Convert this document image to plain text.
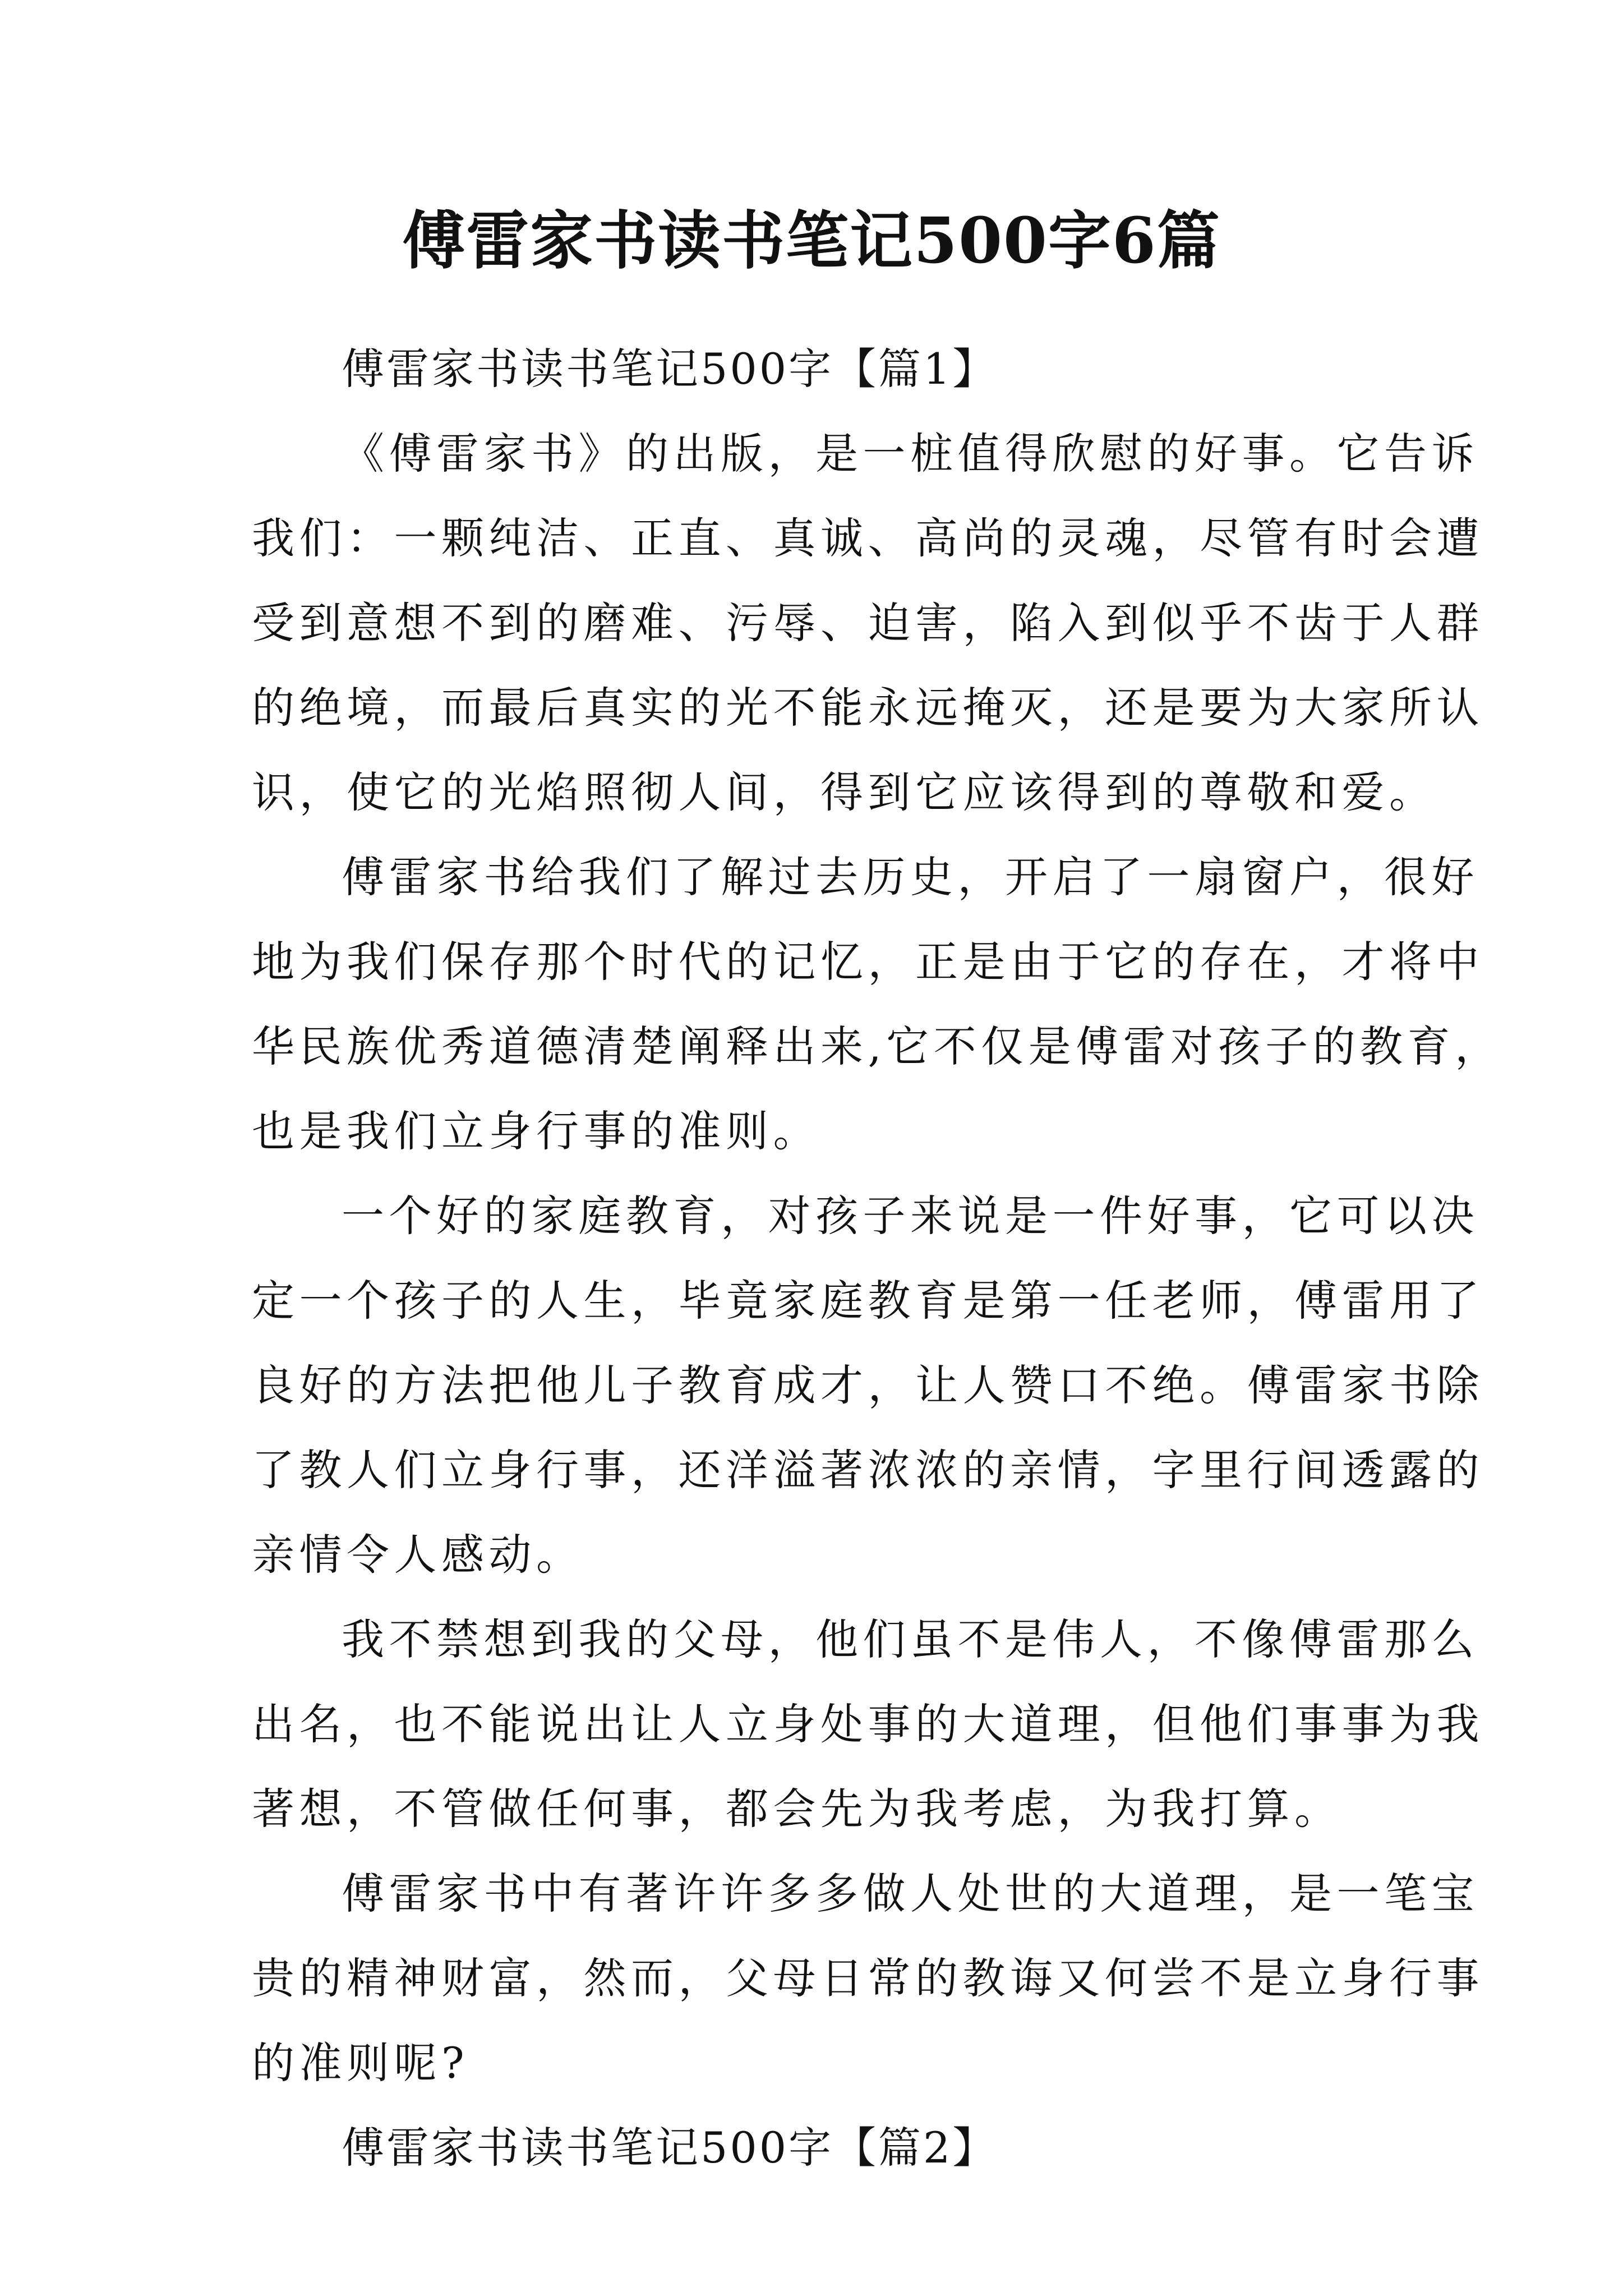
傅雷家书读书笔记500字6篇
傅雷家书读书笔记500字【篇1】
《傅雷家书》的出版，是一桩值得欣慰的好事。它告诉
我们：一颗纯洁、正直、真诚、高尚的灵魂，尽管有时会遭
受到意想不到的磨难、污辱、迫害，陷入到似乎不齿于人群
的绝境，而最后真实的光不能永远掩灭，还是要为大家所认
识，使它的光焰照彻人间，得到它应该得到的尊敬和爱。
傅雷家书给我们了解过去历史，开启了一扇窗户，很好
地为我们保存那个时代的记忆，正是由于它的存在，才将中
华民族优秀道德清楚阐释出来,它不仅是傅雷对孩子的教育，
也是我们立身行事的准则。
一个好的家庭教育，对孩子来说是一件好事，它可以决
定一个孩子的人生，毕竟家庭教育是第一任老师，傅雷用了
良好的方法把他儿子教育成才，让人赞口不绝。傅雷家书除
了教人们立身行事，还洋溢著浓浓的亲情，字里行间透露的
亲情令人感动。
我不禁想到我的父母，他们虽不是伟人，不像傅雷那么
出名，也不能说出让人立身处事的大道理，但他们事事为我
著想，不管做任何事，都会先为我考虑，为我打算。
傅雷家书中有著许许多多做人处世的大道理，是一笔宝
贵的精神财富，然而，父母日常的教诲又何尝不是立身行事
的准则呢?
傅雷家书读书笔记500字【篇2】
